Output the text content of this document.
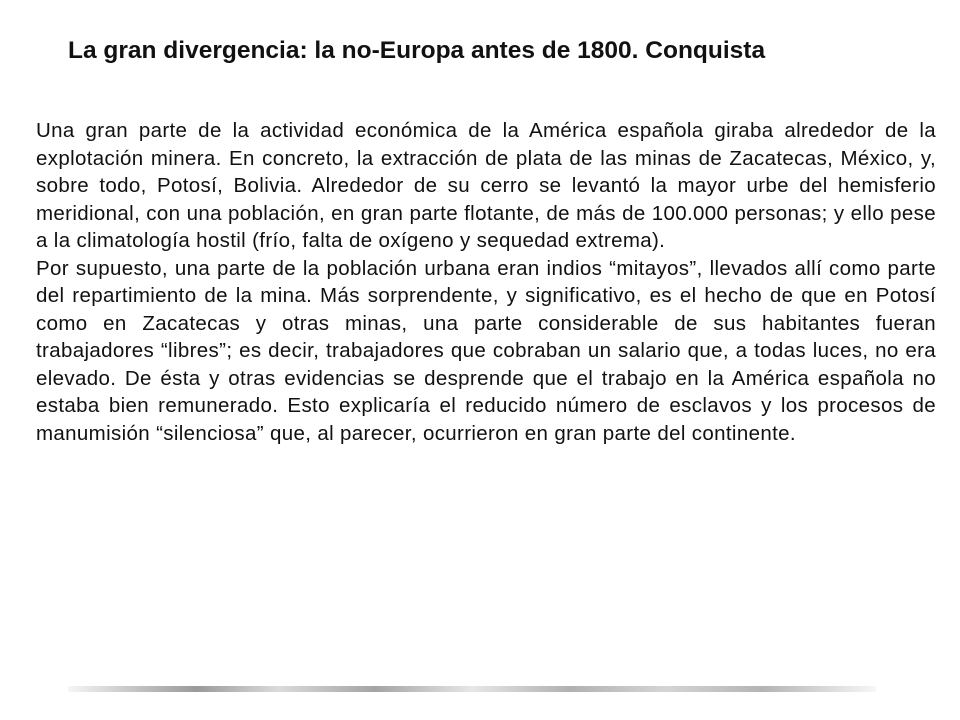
La gran divergencia: la no-Europa antes de 1800. Conquista

Una gran parte de la actividad económica de la América española giraba alrededor de la explotación minera. En concreto, la extracción de plata de las minas de Zacatecas, México, y, sobre todo, Potosí, Bolivia. Alrededor de su cerro se levantó la mayor urbe del hemisferio meridional, con una población, en gran parte flotante, de más de 100.000 personas; y ello pese a la climatología hostil (frío, falta de oxígeno y sequedad extrema).

Por supuesto, una parte de la población urbana eran indios “mitayos”, llevados allí como parte del repartimiento de la mina. Más sorprendente, y significativo, es el hecho de que en Potosí como en Zacatecas y otras minas, una parte considerable de sus habitantes fueran trabajadores “libres”; es decir, trabajadores que cobraban un salario que, a todas luces, no era elevado. De ésta y otras evidencias se desprende que el trabajo en la América española no estaba bien remunerado. Esto explicaría el reducido número de esclavos y los procesos de manumisión “silenciosa” que, al parecer, ocurrieron en gran parte del continente.
